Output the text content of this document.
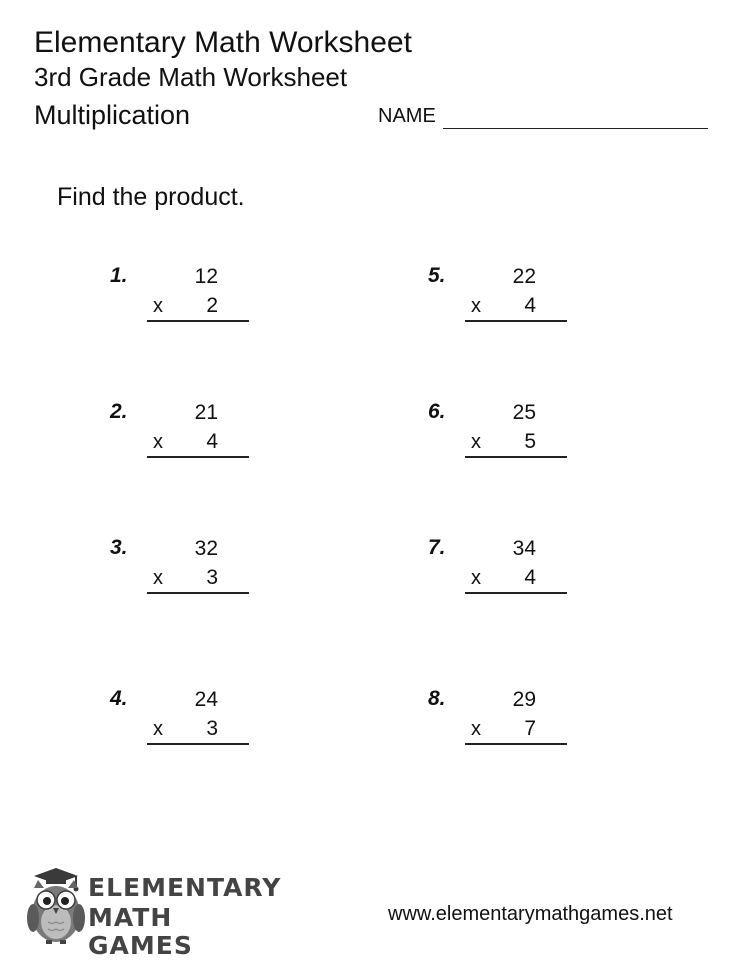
Elementary Math Worksheet
3rd Grade Math Worksheet
Multiplication	NAME
Find the product.
1.	12
x	2
2.	21
x	4
3.	32
x	3
4.	24
x	3
5.	22
x	4
6.	25
x	5
7.	34
x	4
8.	29
x	7
ELEMENTARY
MATH GAMES
www.elementarymathgames.net
